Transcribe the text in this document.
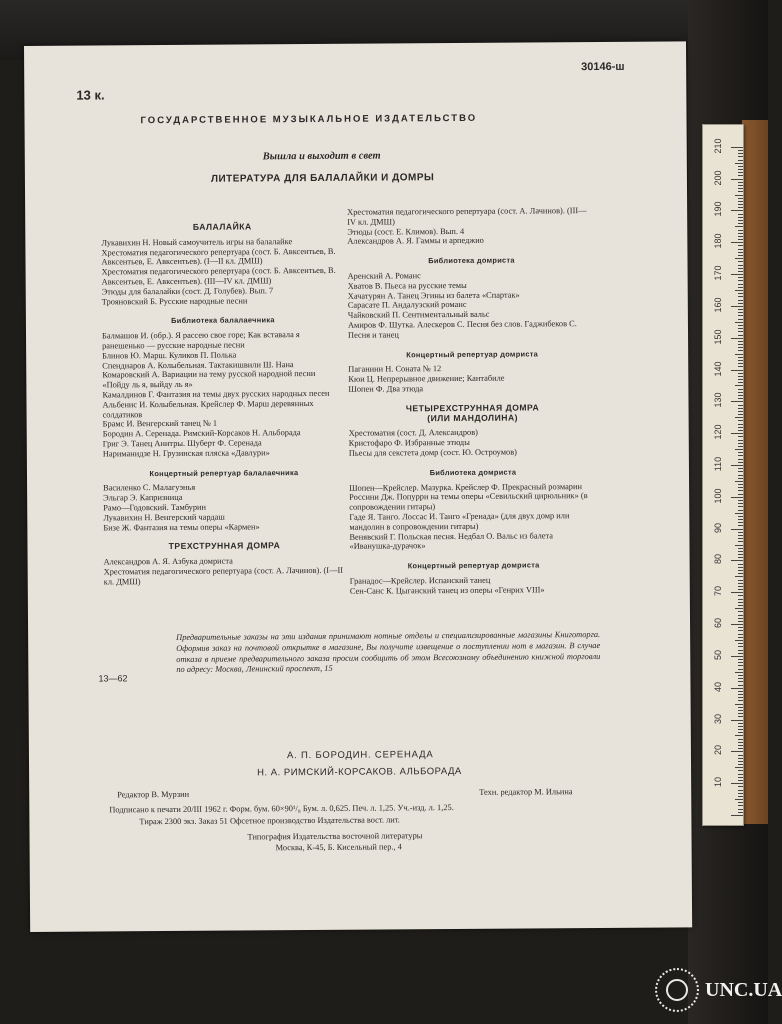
10
20
30
40
50
60
70
80
90
100
110
120
130
140
150
160
170
180
190
200
210
13 к.
30146-ш
ГОСУДАРСТВЕННОЕ МУЗЫКАЛЬНОЕ ИЗДАТЕЛЬСТВО
Вышла и выходит в свет
ЛИТЕРАТУРА ДЛЯ БАЛАЛАЙКИ И ДОМРЫ
БАЛАЛАЙКА

Лукавихин Н. Новый самоучитель игры на балалайке

Хрестоматия педагогического репертуара (сост. Б. Авксентьев, В. Авксентьев, Е. Авксентьев). (I—II кл. ДМШ)

Хрестоматия педагогического репертуара (сост. Б. Авксентьев, В. Авксентьев, Е. Авксентьев). (III—IV кл. ДМШ)

Этюды для балалайки (сост. Д. Голубев). Вып. 7

Трояновский Б. Русские народные песни

Библиотека балалаечника

Балмашов И. (обр.). Я рассею свое горе; Как вставала я ранешенько — русские народные песни

Блинов Ю. Марш. Куликов П. Полька

Спендиаров А. Колыбельная. Тактакишвили Ш. Нана

Комаровский А. Вариации на тему русской народной песни «Пойду ль я, выйду ль я»

Камалдинов Г. Фантазия на темы двух русских народных песен

Альбенис И. Колыбельная. Крейслер Ф. Марш деревянных солдатиков

Брамс И. Венгерский танец № 1

Бородин А. Серенада. Римский-Корсаков Н. Альборада

Григ Э. Танец Анитры. Шуберт Ф. Серенада

Нариманидзе Н. Грузинская пляска «Давлури»

Концертный репертуар балалаечника

Василенко С. Малагуэнья

Эльгар Э. Капризница

Рамо—Годовский. Тамбурин

Лукавихин Н. Венгерский чардаш

Бизе Ж. Фантазия на темы оперы «Кармен»

ТРЕХСТРУННАЯ ДОМРА

Александров А. Я. Азбука домриста

Хрестоматия педагогического репертуара (сост. А. Лачинов). (I—II кл. ДМШ)

Хрестоматия педагогического репертуара (сост. А. Лачинов). (III—IV кл. ДМШ)

Этюды (сост. Е. Климов). Вып. 4

Александров А. Я. Гаммы и арпеджио

Библиотека домриста

Аренский А. Романс

Хватов В. Пьеса на русские темы

Хачатурян А. Танец Эгины из балета «Спартак»

Сарасате П. Андалузский романс

Чайковский П. Сентиментальный вальс

Амиров Ф. Шутка. Алескеров С. Песня без слов. Гаджибеков С. Песня и танец

Концертный репертуар домриста

Паганини Н. Соната № 12

Кюи Ц. Непрерывное движение; Кантабиле

Шопен Ф. Два этюда

ЧЕТЫРЕХСТРУННАЯ ДОМРА
(ИЛИ МАНДОЛИНА)

Хрестоматия (сост. Д. Александров)

Кристофаро Ф. Избранные этюды

Пьесы для секстета домр (сост. Ю. Остроумов)

Библиотека домриста

Шопен—Крейслер. Мазурка. Крейслер Ф. Прекрасный розмарин

Россини Дж. Попурри на темы оперы «Севильский цирюльник» (в сопровождении гитары)

Гаде Я. Танго. Лоссас И. Танго «Гренада» (для двух домр или мандолин в сопровождении гитары)

Венявский Г. Польская песня. Недбал О. Вальс из балета «Иванушка-дурачок»

Концертный репертуар домриста

Гранадос—Крейслер. Испанский танец

Сен-Санс К. Цыганский танец из оперы «Генрих VIII»

Предварительные заказы на эти издания принимают нотные отделы и специализированные магазины Книготорга. Оформив заказ на почтовой открытке в магазине, Вы получите извещение о поступлении нот в магазин. В случае отказа в приеме предварительного заказа просим сообщить об этом Всесоюзному объединению книжной торговли по адресу: Москва, Ленинский проспект, 15
13—62
А. П. БОРОДИН. СЕРЕНАДА
Н. А. РИМСКИЙ-КОРСАКОВ. АЛЬБОРАДА
Редактор В. Мурзин	Техн. редактор М. Ильина
Подписано к печати 20/III 1962 г. Форм. бум. 60×90¹/₈ Бум. л. 0,625. Печ. л. 1,25. Уч.-изд. л. 1,25.
Тираж 2300 экз. Заказ 51 Офсетное производство Издательства вост. лит.
Типография Издательства восточной литературы
Москва, К-45, Б. Кисельный пер., 4
UNC.UA
